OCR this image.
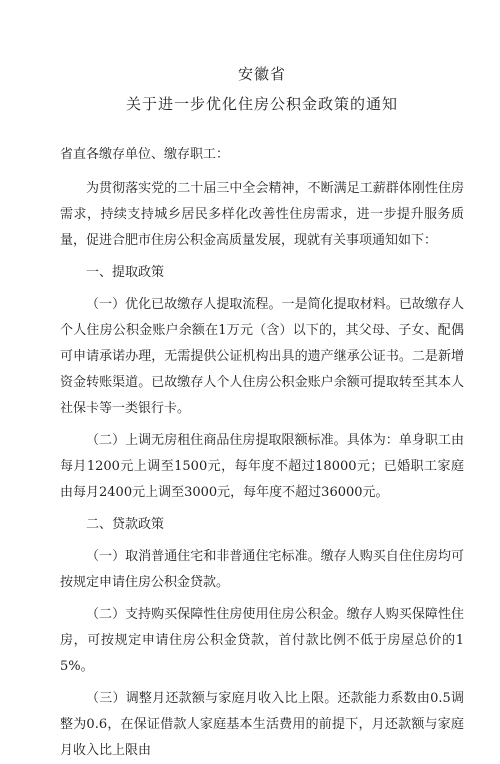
安徽省
关于进一步优化住房公积金政策的通知
省直各缴存单位、缴存职工：

为贯彻落实党的二十届三中全会精神，不断满足工薪群体刚性住房需求，持续支持城乡居民多样化改善性住房需求，进一步提升服务质量，促进合肥市住房公积金高质量发展，现就有关事项通知如下：

一、提取政策

（一）优化已故缴存人提取流程。一是简化提取材料。已故缴存人个人住房公积金账户余额在1万元（含）以下的，其父母、子女、配偶可申请承诺办理，无需提供公证机构出具的遗产继承公证书。二是新增资金转账渠道。已故缴存人个人住房公积金账户余额可提取转至其本人社保卡等一类银行卡。

（二）上调无房租住商品住房提取限额标准。具体为：单身职工由每月1200元上调至1500元，每年度不超过18000元；已婚职工家庭由每月2400元上调至3000元，每年度不超过36000元。

二、贷款政策

（一）取消普通住宅和非普通住宅标准。缴存人购买自住住房均可按规定申请住房公积金贷款。

（二）支持购买保障性住房使用住房公积金。缴存人购买保障性住房，可按规定申请住房公积金贷款，首付款比例不低于房屋总价的15%。

（三）调整月还款额与家庭月收入比上限。还款能力系数由0.5调整为0.6，在保证借款人家庭基本生活费用的前提下，月还款额与家庭月收入比上限由
